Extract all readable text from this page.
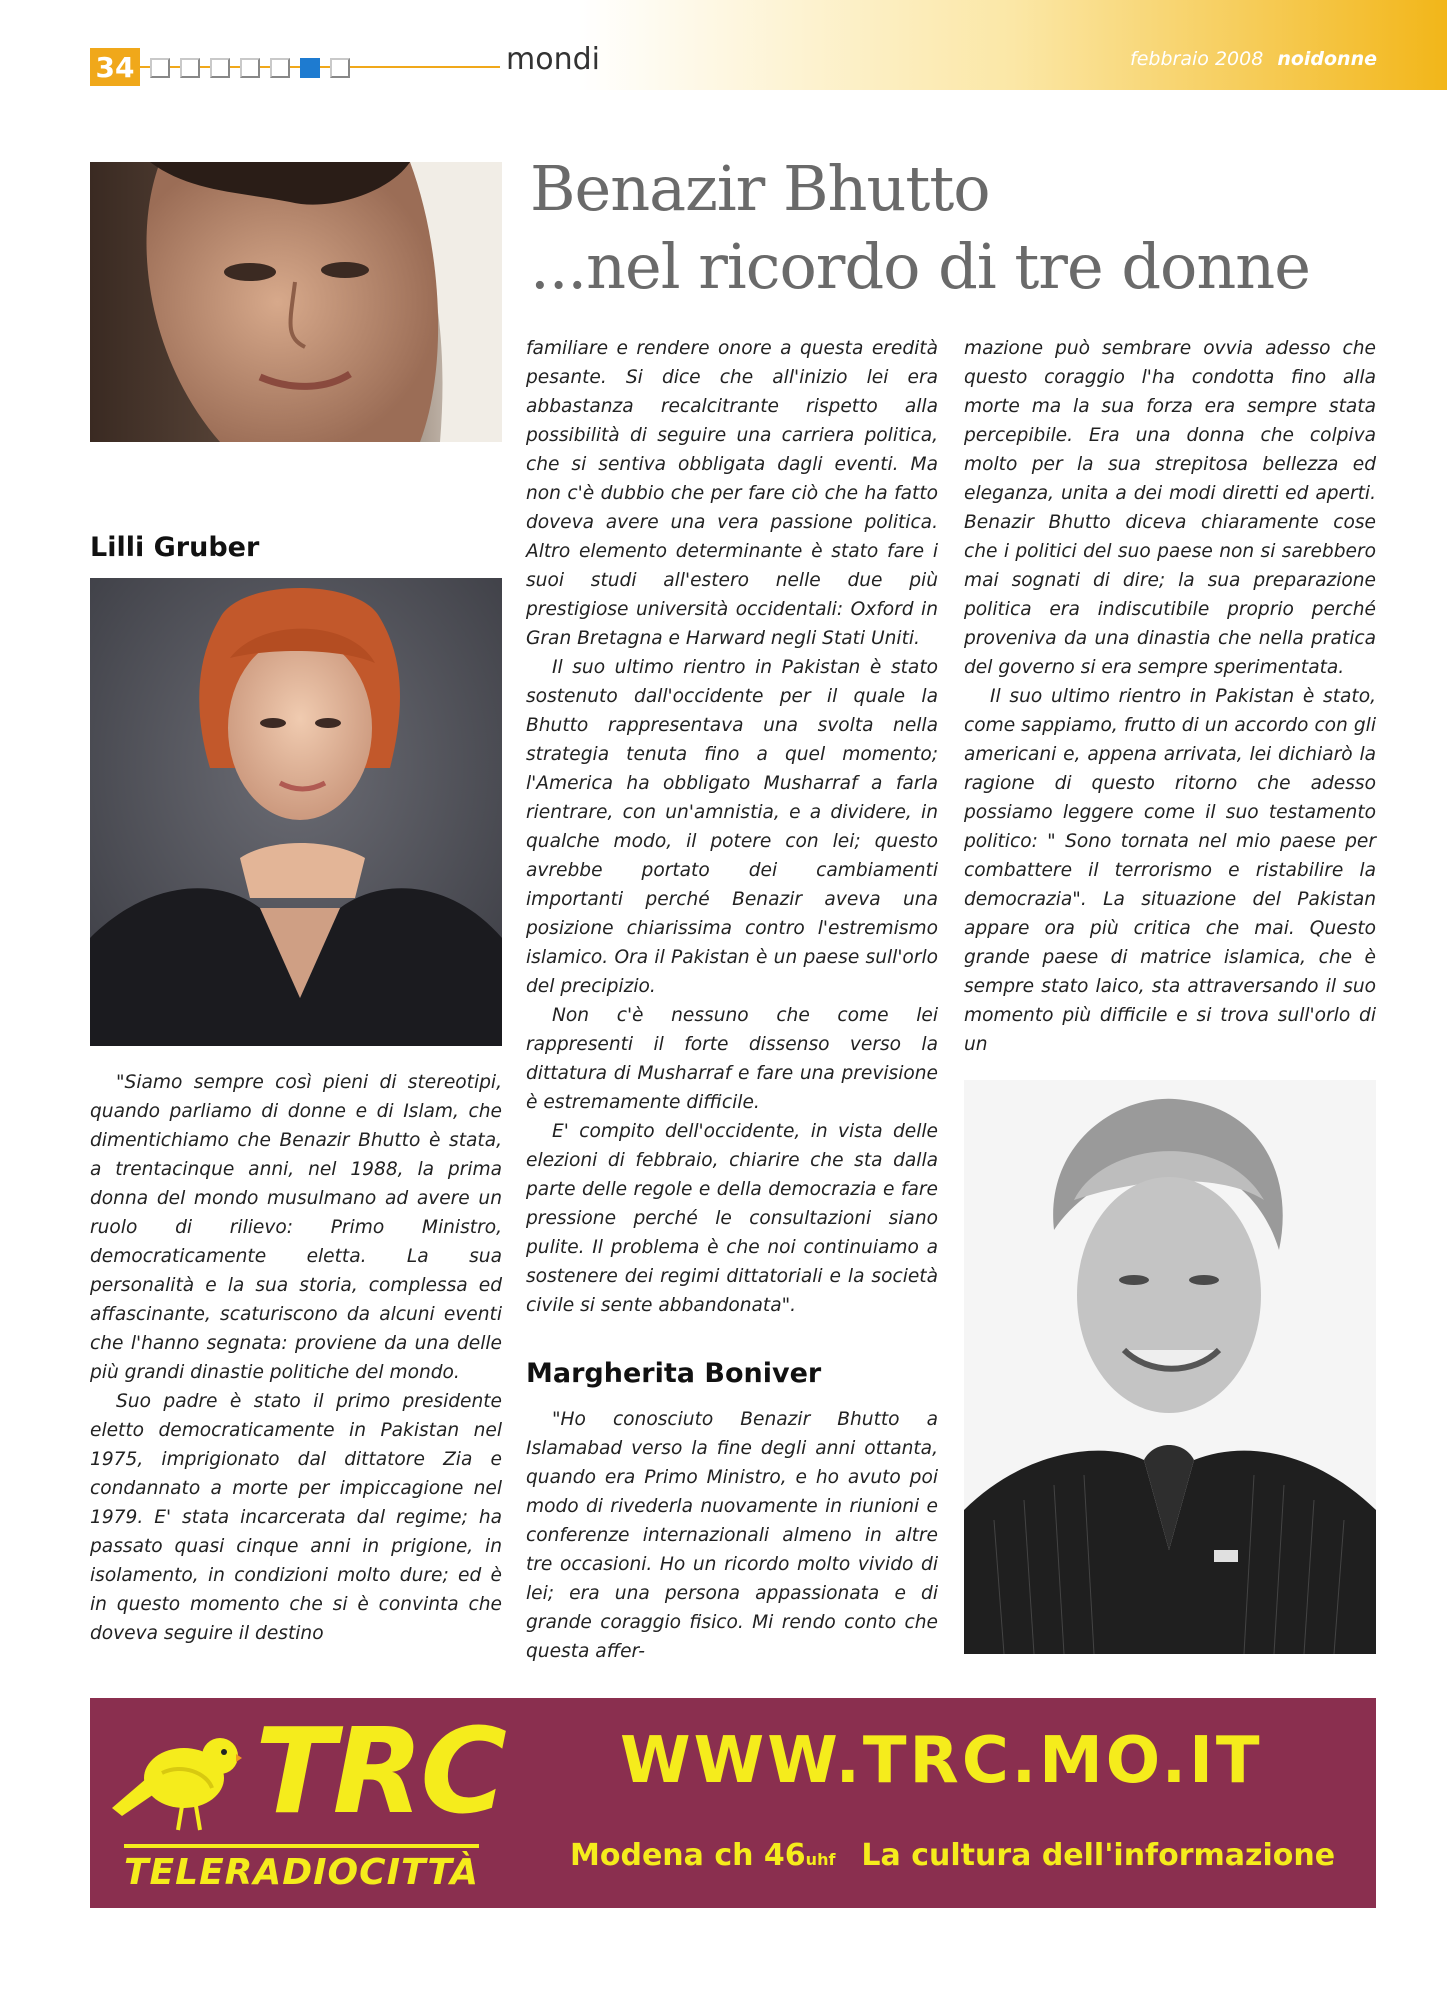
34	mondi	febbraio 2008 noidonne
Benazir Bhutto
...nel ricordo di tre donne
Lilli Gruber

"Siamo sempre così pieni di stereotipi, quando parliamo di donne e di Islam, che dimentichiamo che Benazir Bhutto è stata, a trentacinque anni, nel 1988, la prima donna del mondo musulmano ad avere un ruolo di rilievo: Primo Ministro, democraticamente eletta. La sua personalità e la sua storia, complessa ed affascinante, scaturiscono da alcuni eventi che l'hanno segnata: proviene da una delle più grandi dinastie politiche del mondo.

Suo padre è stato il primo presidente eletto democraticamente in Pakistan nel 1975, imprigionato dal dittatore Zia e condannato a morte per impiccagione nel 1979. E' stata incarcerata dal regime; ha passato quasi cinque anni in prigione, in isolamento, in condizioni molto dure; ed è in questo momento che si è convinta che doveva seguire il destino

familiare e rendere onore a questa eredità pesante. Si dice che all'inizio lei era abbastanza recalcitrante rispetto alla possibilità di seguire una carriera politica, che si sentiva obbligata dagli eventi. Ma non c'è dubbio che per fare ciò che ha fatto doveva avere una vera passione politica. Altro elemento determinante è stato fare i suoi studi all'estero nelle due più prestigiose università occidentali: Oxford in Gran Bretagna e Harward negli Stati Uniti.

Il suo ultimo rientro in Pakistan è stato sostenuto dall'occidente per il quale la Bhutto rappresentava una svolta nella strategia tenuta fino a quel momento; l'America ha obbligato Musharraf a farla rientrare, con un'amnistia, e a dividere, in qualche modo, il potere con lei; questo avrebbe portato dei cambiamenti importanti perché Benazir aveva una posizione chiarissima contro l'estremismo islamico. Ora il Pakistan è un paese sull'orlo del precipizio.

Non c'è nessuno che come lei rappresenti il forte dissenso verso la dittatura di Musharraf e fare una previsione è estremamente difficile.

E' compito dell'occidente, in vista delle elezioni di febbraio, chiarire che sta dalla parte delle regole e della democrazia e fare pressione perché le consultazioni siano pulite. Il problema è che noi continuiamo a sostenere dei regimi dittatoriali e la società civile si sente abbandonata".

Margherita Boniver

"Ho conosciuto Benazir Bhutto a Islamabad verso la fine degli anni ottanta, quando era Primo Ministro, e ho avuto poi modo di rivederla nuovamente in riunioni e conferenze internazionali almeno in altre tre occasioni. Ho un ricordo molto vivido di lei; era una persona appassionata e di grande coraggio fisico. Mi rendo conto che questa affer-

mazione può sembrare ovvia adesso che questo coraggio l'ha condotta fino alla morte ma la sua forza era sempre stata percepibile. Era una donna che colpiva molto per la sua strepitosa bellezza ed eleganza, unita a dei modi diretti ed aperti. Benazir Bhutto diceva chiaramente cose che i politici del suo paese non si sarebbero mai sognati di dire; la sua preparazione politica era indiscutibile proprio perché proveniva da una dinastia che nella pratica del governo si era sempre sperimentata.

Il suo ultimo rientro in Pakistan è stato, come sappiamo, frutto di un accordo con gli americani e, appena arrivata, lei dichiarò la ragione di questo ritorno che adesso possiamo leggere come il suo testamento politico: " Sono tornata nel mio paese per combattere il terrorismo e ristabilire la democrazia". La situazione del Pakistan appare ora più critica che mai. Questo grande paese di matrice islamica, che è sempre stato laico, sta attraversando il suo momento più difficile e si trova sull'orlo di un

TRC
TELERADIOCITTÀ
WWW.TRC.MO.IT
Modena ch 46uhf La cultura dell'informazione
